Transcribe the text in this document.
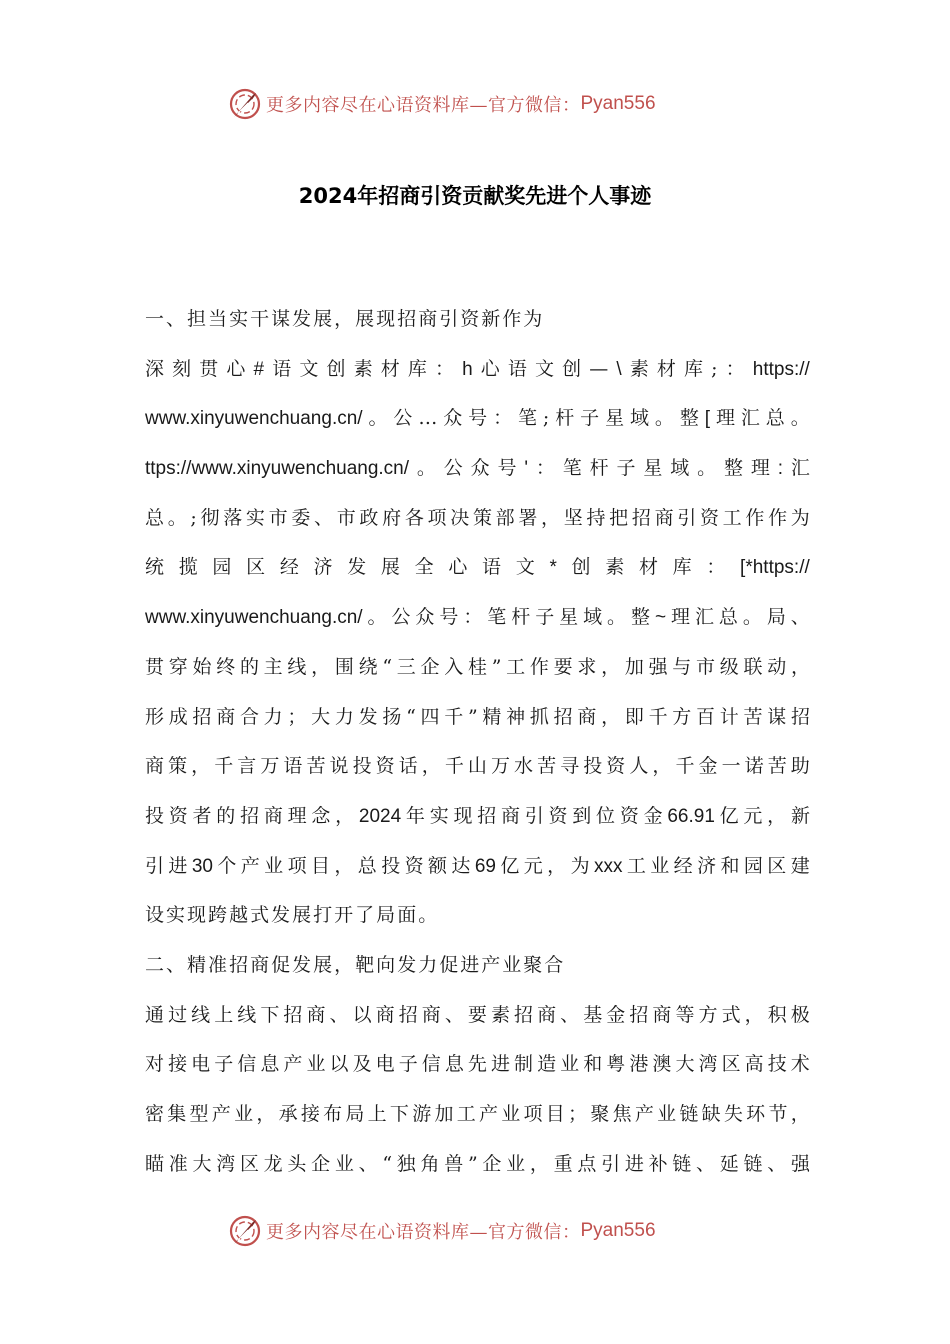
更多内容尽在心语资料库—官方微信： Pyan556
2024年招商引资贡献奖先进个人事迹
一 、 担 当 实 干 谋 发 展 ， 展 现 招 商 引 资 新 作 为
深 刻 贯 心 # 语 文 创 素 材 库 ： h 心 语 文 创 — \ 素 材 库 ; ： https://
www.xinyuwenchuang.cn/ 。 公 … 众 号 ： 笔 ; 杆 子 星 域 。 整 [ 理 汇 总 。
ttps://www.xinyuwenchuang.cn/ 。 公 众 号 ' ： 笔 杆 子 星 域 。 整 理 : 汇
总 。 ; 彻 落 实 市 委 、 市 政 府 各 项 决 策 部 署 ， 坚 持 把 招 商 引 资 工 作 作 为
统 揽 园 区 经 济 发 展 全 心 语 文 * 创 素 材 库 ： [*https://
www.xinyuwenchuang.cn/ 。 公 众 号 ： 笔 杆 子 星 域 。 整 ~ 理 汇 总 。 局 、
贯 穿 始 终 的 主 线 ， 围 绕 “ 三 企 入 桂 ” 工 作 要 求 ， 加 强 与 市 级 联 动 ，
形 成 招 商 合 力 ； 大 力 发 扬 “ 四 千 ” 精 神 抓 招 商 ， 即 千 方 百 计 苦 谋 招
商 策 ， 千 言 万 语 苦 说 投 资 话 ， 千 山 万 水 苦 寻 投 资 人 ， 千 金 一 诺 苦 助
投 资 者 的 招 商 理 念 ， 2024 年 实 现 招 商 引 资 到 位 资 金 66.91 亿 元 ， 新
引 进 30 个 产 业 项 目 ， 总 投 资 额 达 69 亿 元 ， 为 xxx 工 业 经 济 和 园 区 建
设 实 现 跨 越 式 发 展 打 开 了 局 面 。
二 、 精 准 招 商 促 发 展 ， 靶 向 发 力 促 进 产 业 聚 合
通 过 线 上 线 下 招 商 、 以 商 招 商 、 要 素 招 商 、 基 金 招 商 等 方 式 ， 积 极
对 接 电 子 信 息 产 业 以 及 电 子 信 息 先 进 制 造 业 和 粤 港 澳 大 湾 区 高 技 术
密 集 型 产 业 ， 承 接 布 局 上 下 游 加 工 产 业 项 目 ； 聚 焦 产 业 链 缺 失 环 节 ，
瞄 准 大 湾 区 龙 头 企 业 、 “ 独 角 兽 ” 企 业 ， 重 点 引 进 补 链 、 延 链 、 强
更多内容尽在心语资料库—官方微信： Pyan556
